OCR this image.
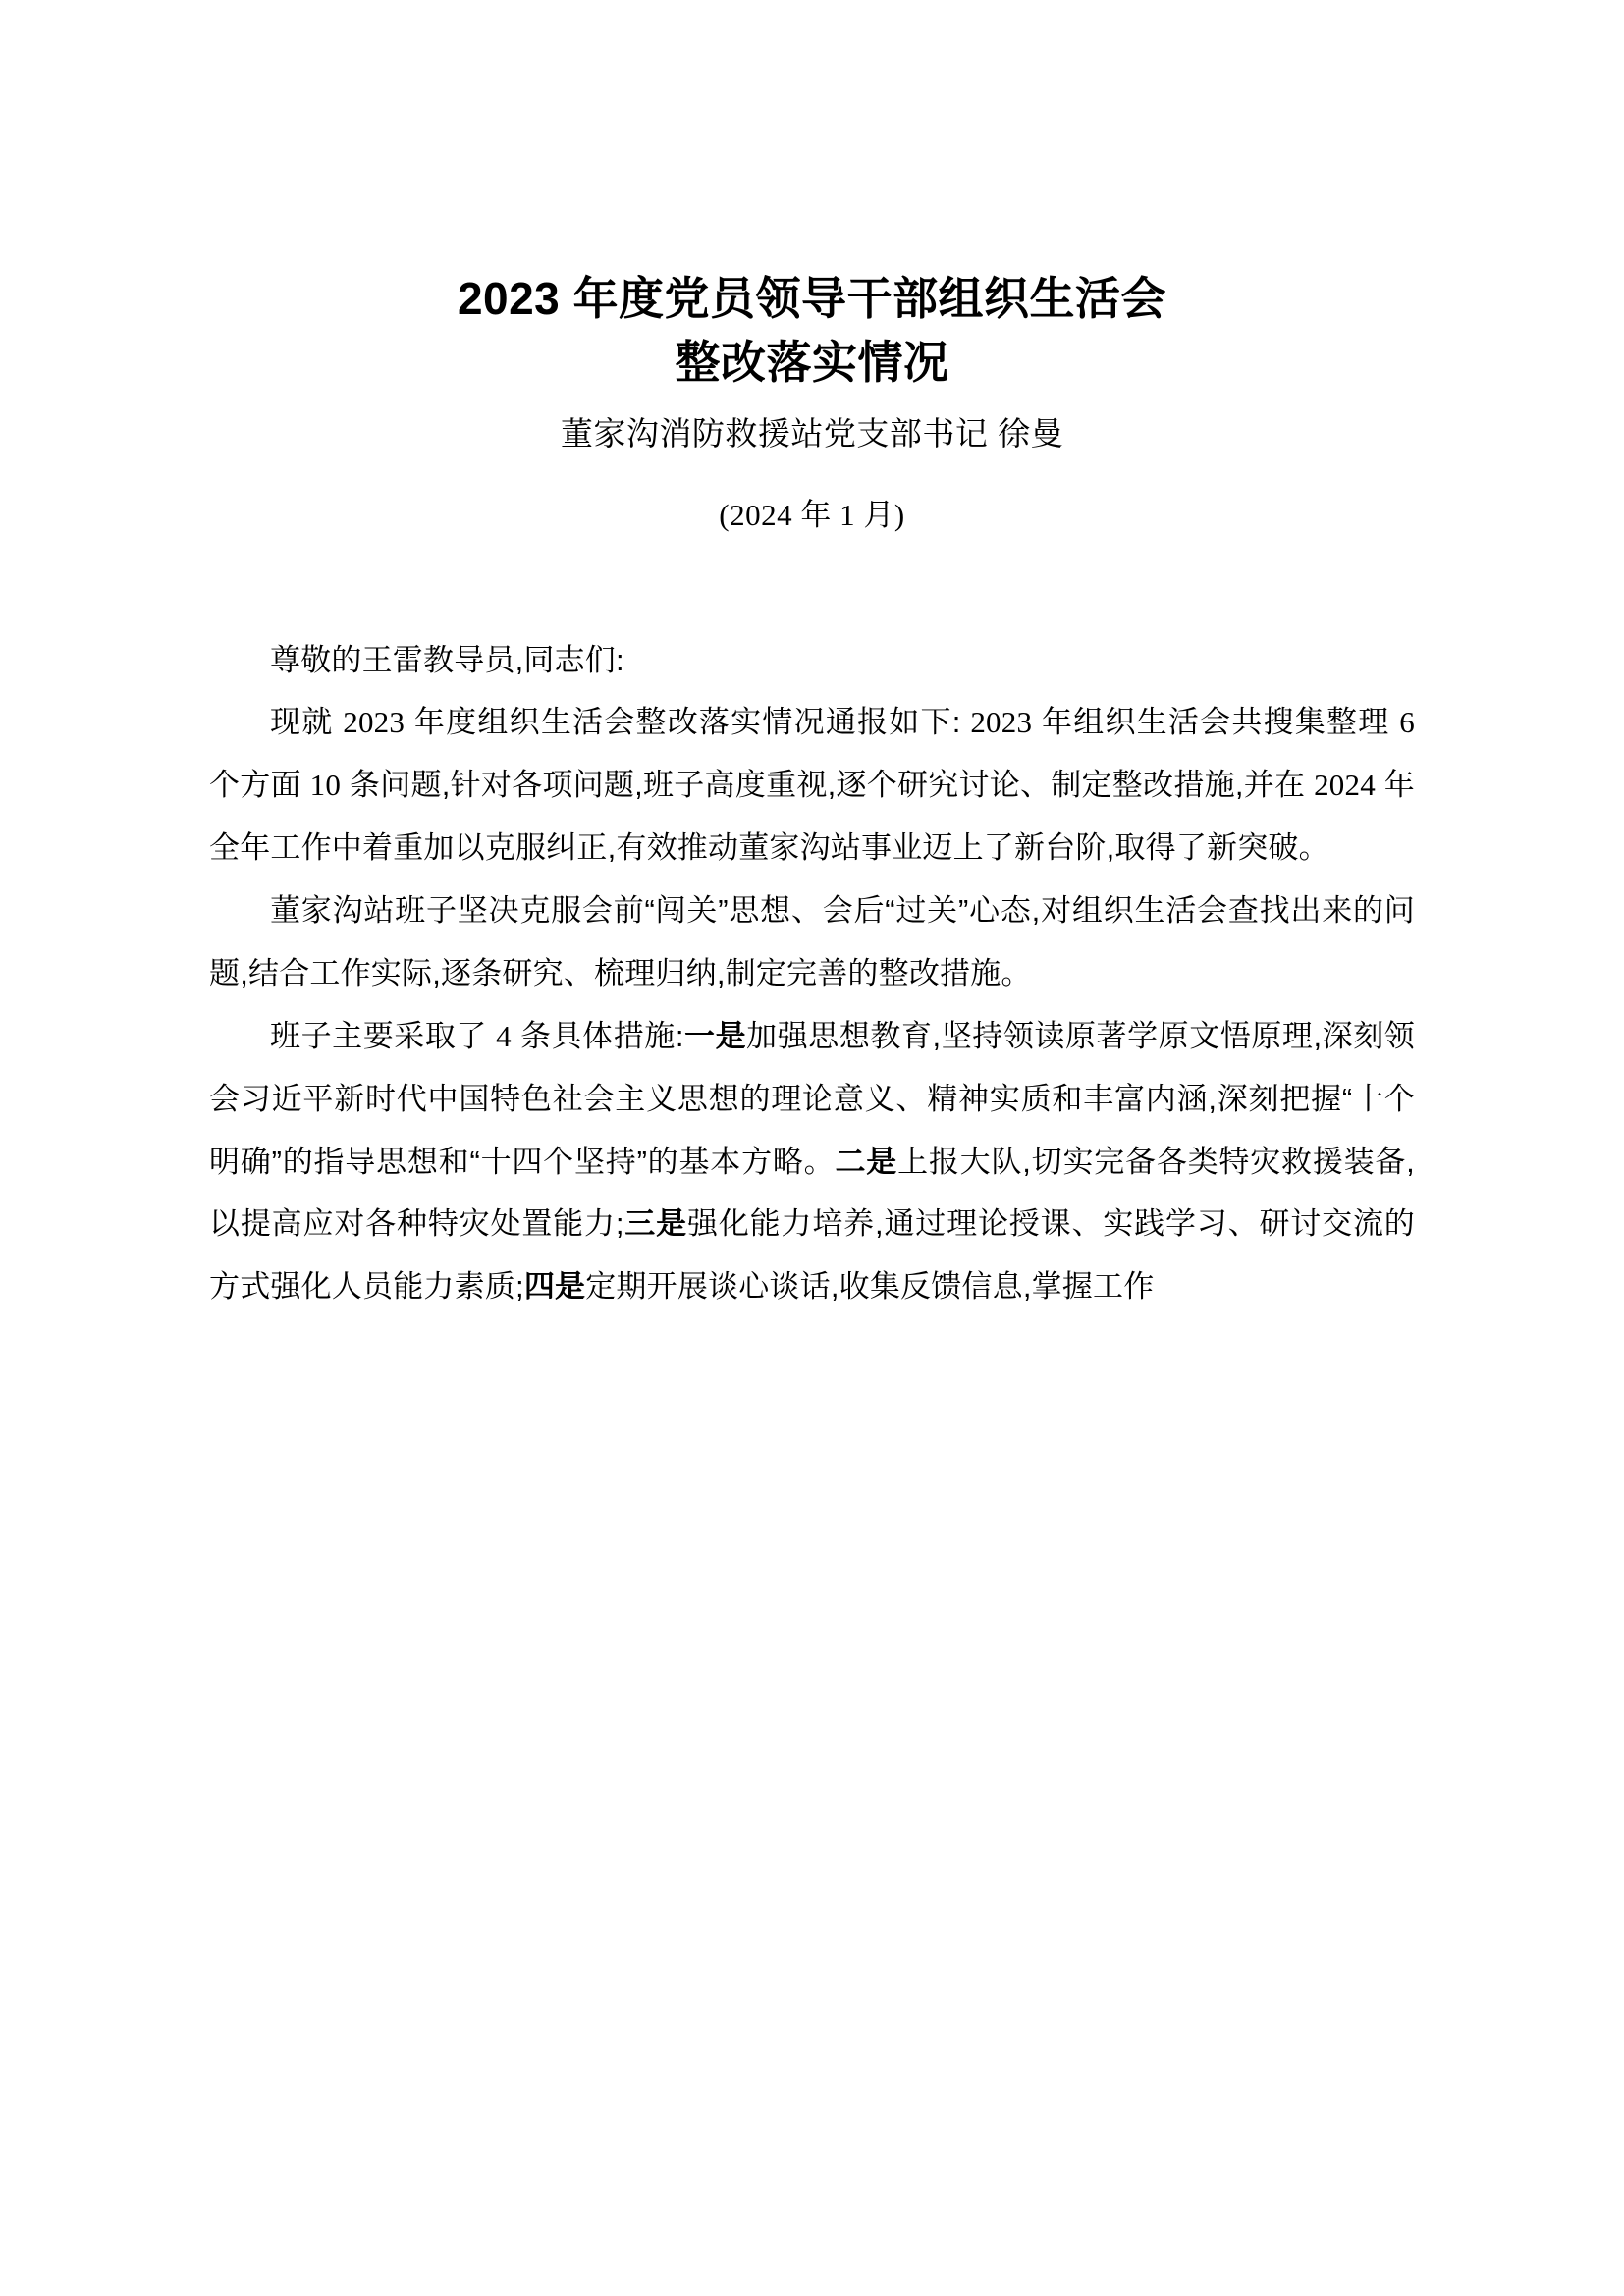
2023 年度党员领导干部组织生活会
整改落实情况
董家沟消防救援站党支部书记 徐曼
(2024 年 1 月)

尊敬的王雷教导员,同志们:

现就 2023 年度组织生活会整改落实情况通报如下: 2023 年组织生活会共搜集整理 6 个方面 10 条问题,针对各项问题,班子高度重视,逐个研究讨论、制定整改措施,并在 2024 年全年工作中着重加以克服纠正,有效推动董家沟站事业迈上了新台阶,取得了新突破。

董家沟站班子坚决克服会前“闯关”思想、会后“过关”心态,对组织生活会查找出来的问题,结合工作实际,逐条研究、梳理归纳,制定完善的整改措施。

班子主要采取了 4 条具体措施:一是加强思想教育,坚持领读原著学原文悟原理,深刻领会习近平新时代中国特色社会主义思想的理论意义、精神实质和丰富内涵,深刻把握“十个明确”的指导思想和“十四个坚持”的基本方略。二是上报大队,切实完备各类特灾救援装备,以提高应对各种特灾处置能力;三是强化能力培养,通过理论授课、实践学习、研讨交流的方式强化人员能力素质;四是定期开展谈心谈话,收集反馈信息,掌握工作
